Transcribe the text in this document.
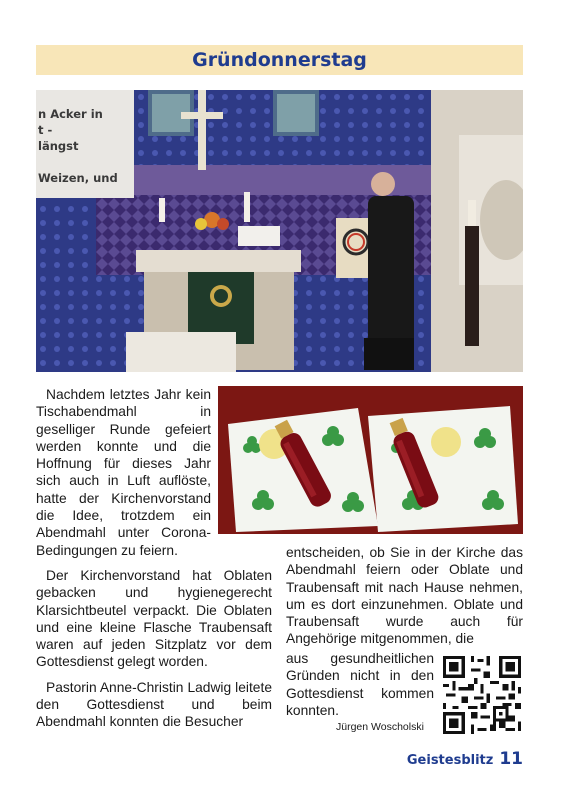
Gründonnerstag
n Acker in
t -
längst

Weizen, und

Nachdem letztes Jahr kein Tischabendmahl in geselliger Runde gefeiert werden konnte und die Hoffnung für dieses Jahr sich auch in Luft auflöste, hatte der Kirchenvorstand die Idee, trotzdem ein Abendmahl unter Corona-Bedingungen zu feiern.

Der Kirchenvorstand hat Oblaten gebacken und hygienegerecht Klarsichtbeutel verpackt. Die Oblaten und eine kleine Flasche Traubensaft waren auf jeden Sitzplatz vor dem Gottesdienst gelegt worden.

Pastorin Anne-Christin Ladwig leitete den Gottesdienst und beim Abendmahl konnten die Besucher

entscheiden, ob Sie in der Kirche das Abendmahl feiern oder Oblate und Traubensaft mit nach Hause nehmen, um es dort einzunehmen. Oblate und Traubensaft wurde auch für Angehörige mitgenommen, die

aus gesundheitlichen Gründen nicht in den Gottesdienst kommen konnten.

Jürgen Woscholski
Geistesblitz 11
